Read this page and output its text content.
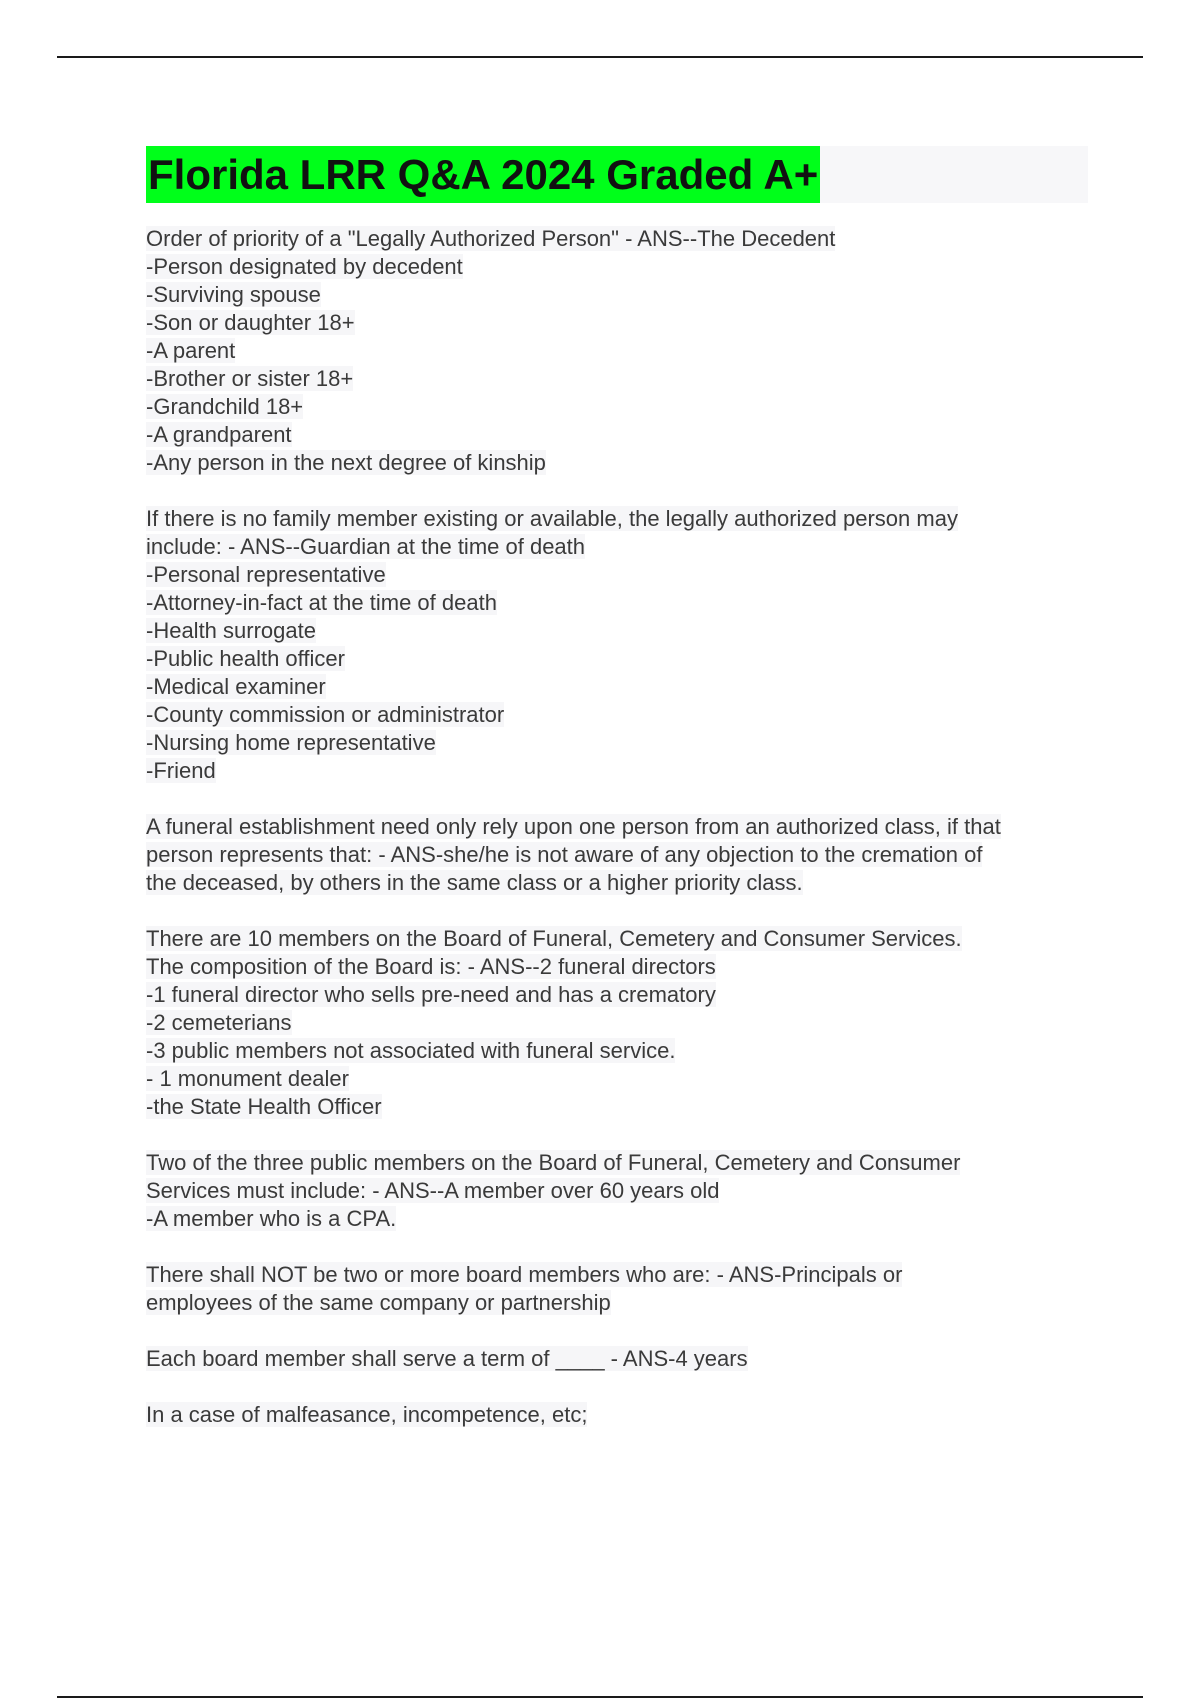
Florida LRR Q&A 2024 Graded A+
Order of priority of a "Legally Authorized Person" - ANS--The Decedent
-Person designated by decedent
-Surviving spouse
-Son or daughter 18+
-A parent
-Brother or sister 18+
-Grandchild 18+
-A grandparent
-Any person in the next degree of kinship
If there is no family member existing or available, the legally authorized person may
include: - ANS--Guardian at the time of death
-Personal representative
-Attorney-in-fact at the time of death
-Health surrogate
-Public health officer
-Medical examiner
-County commission or administrator
-Nursing home representative
-Friend
A funeral establishment need only rely upon one person from an authorized class, if that
person represents that: - ANS-she/he is not aware of any objection to the cremation of
the deceased, by others in the same class or a higher priority class.
There are 10 members on the Board of Funeral, Cemetery and Consumer Services.
The composition of the Board is: - ANS--2 funeral directors
-1 funeral director who sells pre-need and has a crematory
-2 cemeterians
-3 public members not associated with funeral service.
- 1 monument dealer
-the State Health Officer
Two of the three public members on the Board of Funeral, Cemetery and Consumer
Services must include: - ANS--A member over 60 years old
-A member who is a CPA.
There shall NOT be two or more board members who are: - ANS-Principals or
employees of the same company or partnership
Each board member shall serve a term of ____ - ANS-4 years
In a case of malfeasance, incompetence, etc;
